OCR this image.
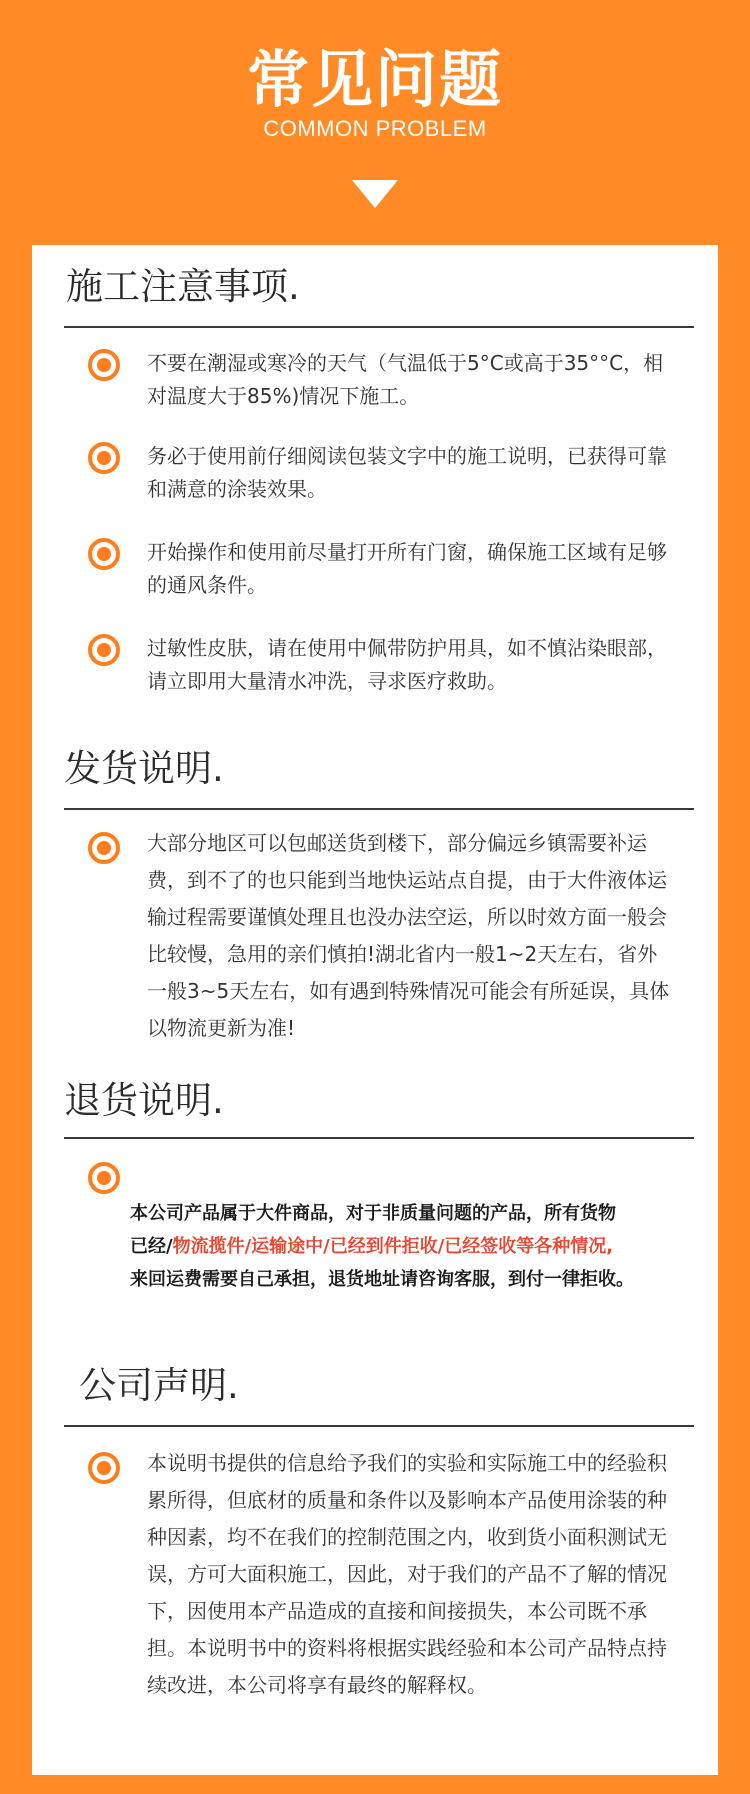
常见问题
COMMON PROBLEM
施工注意事项.
不要在潮湿或寒冷的天气（气温低于5°C或高于35°°C，相对温度大于85%)情况下施工。
务必于使用前仔细阅读包装文字中的施工说明，已获得可靠和满意的涂装效果。
开始操作和使用前尽量打开所有门窗，确保施工区域有足够的通风条件。
过敏性皮肤，请在使用中佩带防护用具，如不慎沾染眼部，请立即用大量清水冲洗，寻求医疗救助。
发货说明.
大部分地区可以包邮送货到楼下，部分偏远乡镇需要补运费，到不了的也只能到当地快运站点自提，由于大件液体运输过程需要谨慎处理且也没办法空运，所以时效方面一般会比较慢，急用的亲们慎拍!湖北省内一般1~2天左右，省外一般3~5天左右，如有遇到特殊情况可能会有所延误，具体以物流更新为准!
退货说明.
本公司产品属于大件商品，对于非质量问题的产品，所有货物
已经/物流揽件/运输途中/已经到件拒收/已经签收等各种情况,
来回运费需要自己承担，退货地址请咨询客服，到付一律拒收。
公司声明.
本说明书提供的信息给予我们的实验和实际施工中的经验积累所得，但底材的质量和条件以及影响本产品使用涂装的种种因素，均不在我们的控制范围之内，收到货小面积测试无误，方可大面积施工，因此，对于我们的产品不了解的情况下，因使用本产品造成的直接和间接损失，本公司既不承担。本说明书中的资料将根据实践经验和本公司产品特点持续改进，本公司将享有最终的解释权。
